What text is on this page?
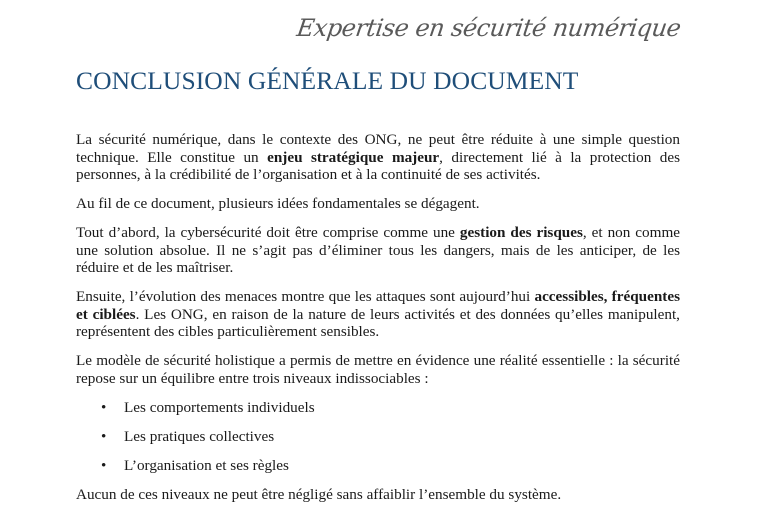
Expertise en sécurité numérique
CONCLUSION GÉNÉRALE DU DOCUMENT

La sécurité numérique, dans le contexte des ONG, ne peut être réduite à une simple question technique. Elle constitue un enjeu stratégique majeur, directement lié à la protection des personnes, à la crédibilité de l’organisation et à la continuité de ses activités.

Au fil de ce document, plusieurs idées fondamentales se dégagent.

Tout d’abord, la cybersécurité doit être comprise comme une gestion des risques, et non comme une solution absolue. Il ne s’agit pas d’éliminer tous les dangers, mais de les anticiper, de les réduire et de les maîtriser.

Ensuite, l’évolution des menaces montre que les attaques sont aujourd’hui accessibles, fréquentes et ciblées. Les ONG, en raison de la nature de leurs activités et des données qu’elles manipulent, représentent des cibles particulièrement sensibles.

Le modèle de sécurité holistique a permis de mettre en évidence une réalité essentielle : la sécurité repose sur un équilibre entre trois niveaux indissociables :

• Les comportements individuels
• Les pratiques collectives
• L’organisation et ses règles

Aucun de ces niveaux ne peut être négligé sans affaiblir l’ensemble du système.
